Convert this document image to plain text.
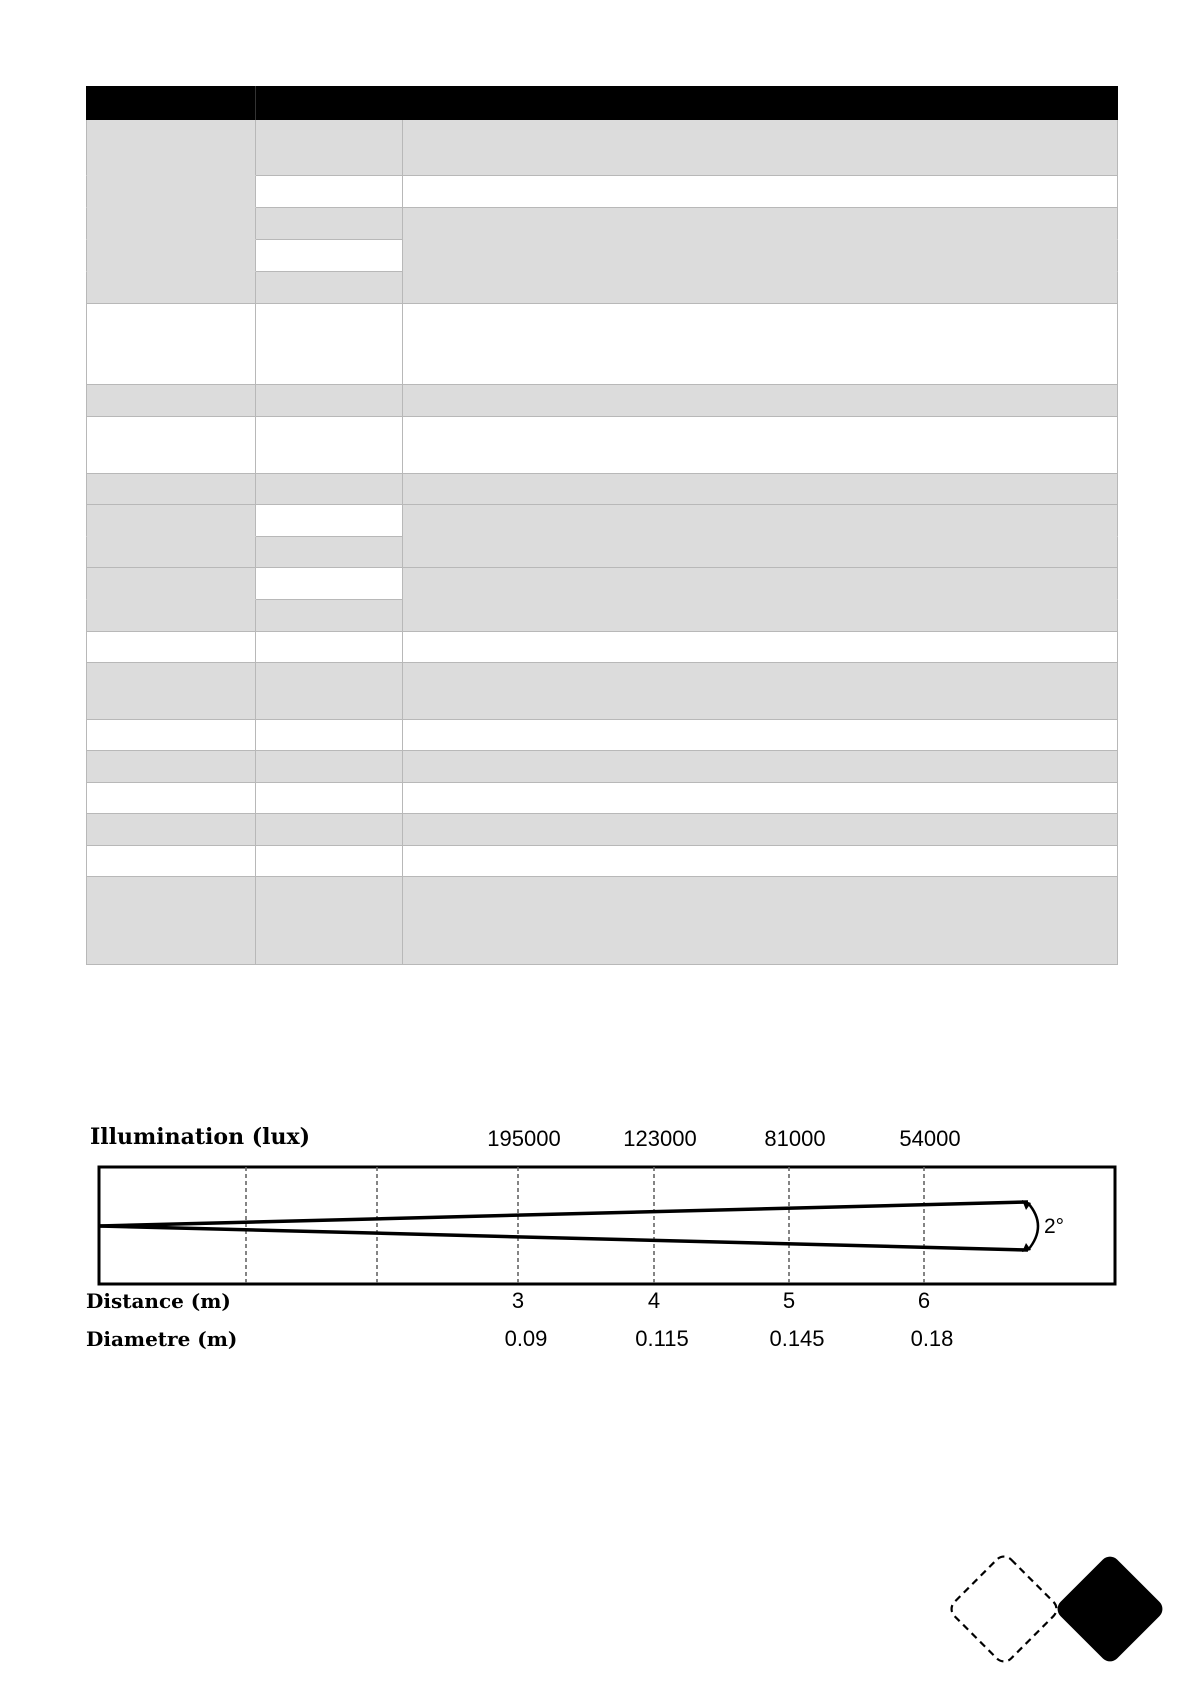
Illumination (lux)
2°
195000
3
0.09
123000
4
0.115
81000
5
0.145
54000
6
0.18
Distance (m)
Diametre (m)
